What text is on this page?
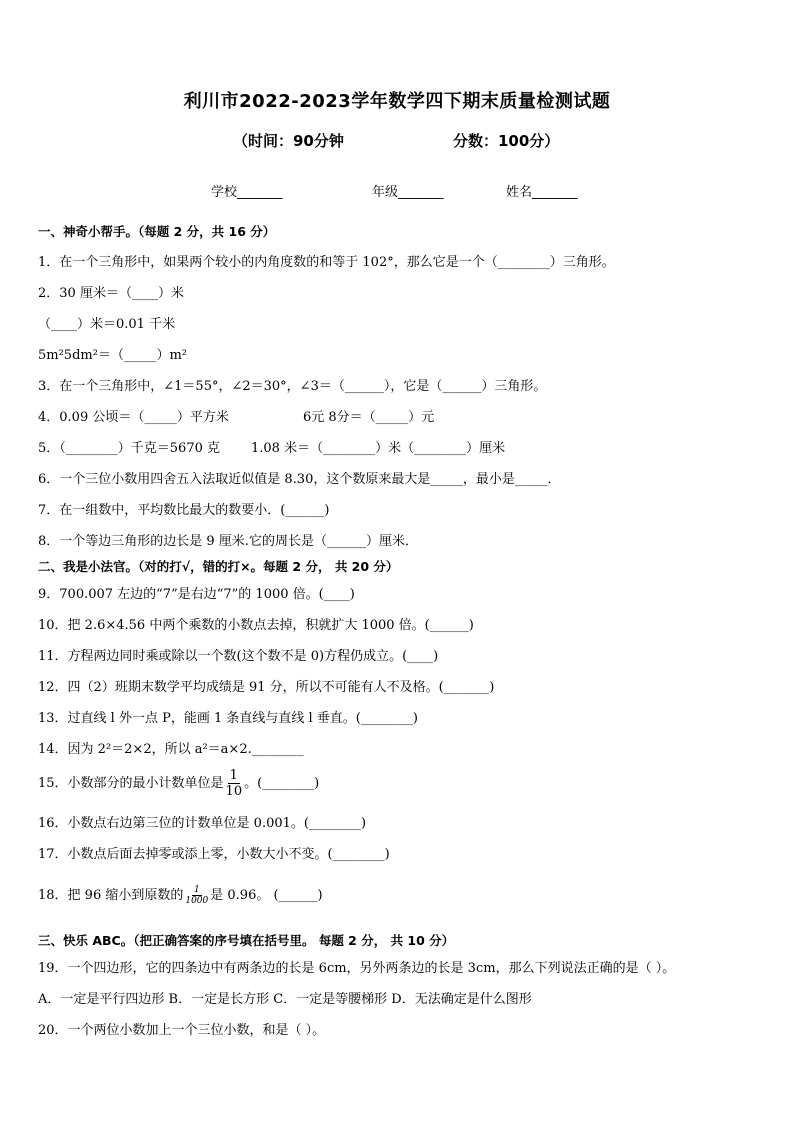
利川市2022-2023学年数学四下期末质量检测试题
（时间：90分钟	分数：100分）
学校_______	年级_______	姓名_______
一、神奇小帮手。（每题 2 分，共 16 分）
1．在一个三角形中，如果两个较小的内角度数的和等于 102°，那么它是一个（________）三角形。
2．30 厘米＝（____）米
（____）米＝0.01 千米
5m²5dm²＝（_____）m²
3．在一个三角形中，∠1＝55°，∠2＝30°，∠3＝（______），它是（______）三角形。
4．0.09 公顷＝（_____）平方米	6元 8分＝（_____）元
5．（________）千克＝5670 克 1.08 米＝（________）米（________）厘米
6．一个三位小数用四舍五入法取近似值是 8.30，这个数原来最大是_____，最小是_____．
7．在一组数中，平均数比最大的数要小．(______)
8．一个等边三角形的边长是 9 厘米.它的周长是（______）厘米．
二、我是小法官。（对的打√，错的打×。每题 2 分， 共 20 分）
9．700.007 左边的“7”是右边“7”的 1000 倍。(____)
10．把 2.6×4.56 中两个乘数的小数点去掉，积就扩大 1000 倍。(______)
11．方程两边同时乘或除以一个数(这个数不是 0)方程仍成立。(____)
12．四（2）班期末数学平均成绩是 91 分，所以不可能有人不及格。(_______)
13．过直线 l 外一点 P，能画 1 条直线与直线 l 垂直。(________)
14．因为 2²＝2×2，所以 a²＝a×2.________
15．小数部分的最小计数单位是 $\frac{1}{10}$ 。(________)
16．小数点右边第三位的计数单位是 0.001。(________)
17．小数点后面去掉零或添上零，小数大小不变。(________)
18．把 96 缩小到原数的 $\frac{1}{1000}$ 是 0.96。 (______)
三、快乐 ABC。（把正确答案的序号填在括号里。 每题 2 分， 共 10 分）
19．一个四边形，它的四条边中有两条边的长是 6cm，另外两条边的长是 3cm，那么下列说法正确的是（ ）。
A．一定是平行四边形 B．一定是长方形 C．一定是等腰梯形 D．无法确定是什么图形
20．一个两位小数加上一个三位小数，和是（ ）。
